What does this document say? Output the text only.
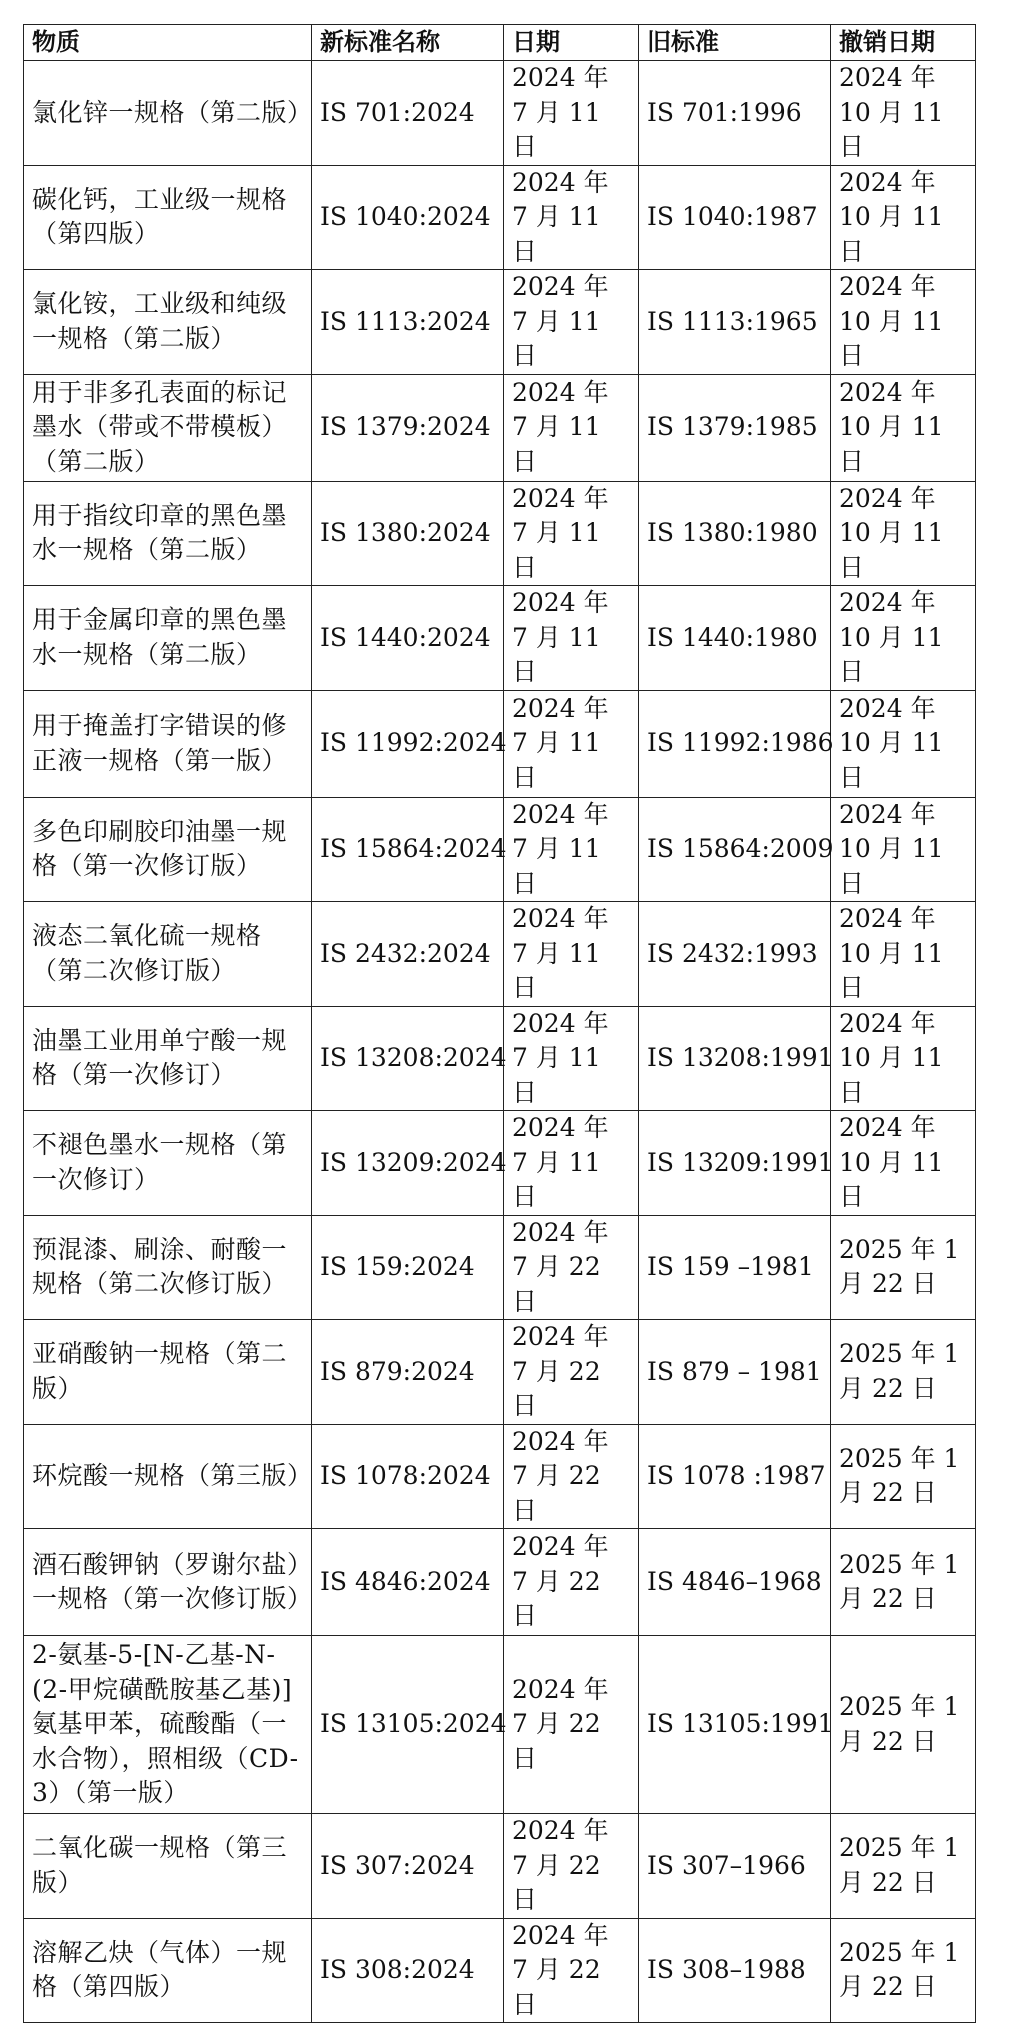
物质	新标准名称	日期	旧标准	撤销日期
氯化锌一规格（第二版）	IS 701:2024	2024 年 7 月 11 日	IS 701:1996	2024 年 10 月 11 日
碳化钙，工业级一规格（第四版）	IS 1040:2024	2024 年 7 月 11 日	IS 1040:1987	2024 年 10 月 11 日
氯化铵，工业级和纯级一规格（第二版）	IS 1113:2024	2024 年 7 月 11 日	IS 1113:1965	2024 年 10 月 11 日
用于非多孔表面的标记墨水（带或不带模板）（第二版）	IS 1379:2024	2024 年 7 月 11 日	IS 1379:1985	2024 年 10 月 11 日
用于指纹印章的黑色墨水一规格（第二版）	IS 1380:2024	2024 年 7 月 11 日	IS 1380:1980	2024 年 10 月 11 日
用于金属印章的黑色墨水一规格（第二版）	IS 1440:2024	2024 年 7 月 11 日	IS 1440:1980	2024 年 10 月 11 日
用于掩盖打字错误的修正液一规格（第一版）	IS 11992:2024	2024 年 7 月 11 日	IS 11992:1986	2024 年 10 月 11 日
多色印刷胶印油墨一规格（第一次修订版）	IS 15864:2024	2024 年 7 月 11 日	IS 15864:2009	2024 年 10 月 11 日
液态二氧化硫一规格（第二次修订版）	IS 2432:2024	2024 年 7 月 11 日	IS 2432:1993	2024 年 10 月 11 日
油墨工业用单宁酸一规格（第一次修订）	IS 13208:2024	2024 年 7 月 11 日	IS 13208:1991	2024 年 10 月 11 日
不褪色墨水一规格（第一次修订）	IS 13209:2024	2024 年 7 月 11 日	IS 13209:1991	2024 年 10 月 11 日
预混漆、刷涂、耐酸一规格（第二次修订版）	IS 159:2024	2024 年 7 月 22 日	IS 159 –1981	2025 年 1 月 22 日
亚硝酸钠一规格（第二版）	IS 879:2024	2024 年 7 月 22 日	IS 879 – 1981	2025 年 1 月 22 日
环烷酸一规格（第三版）	IS 1078:2024	2024 年 7 月 22 日	IS 1078 :1987	2025 年 1 月 22 日
酒石酸钾钠（罗谢尔盐）一规格（第一次修订版）	IS 4846:2024	2024 年 7 月 22 日	IS 4846–1968	2025 年 1 月 22 日
2-氨基-5-[N-乙基-N-(2-甲烷磺酰胺基乙基)]氨基甲苯，硫酸酯（一水合物），照相级（CD-3）（第一版）	IS 13105:2024	2024 年 7 月 22 日	IS 13105:1991	2025 年 1 月 22 日
二氧化碳一规格（第三版）	IS 307:2024	2024 年 7 月 22 日	IS 307–1966	2025 年 1 月 22 日
溶解乙炔（气体）一规格（第四版）	IS 308:2024	2024 年 7 月 22 日	IS 308–1988	2025 年 1 月 22 日
